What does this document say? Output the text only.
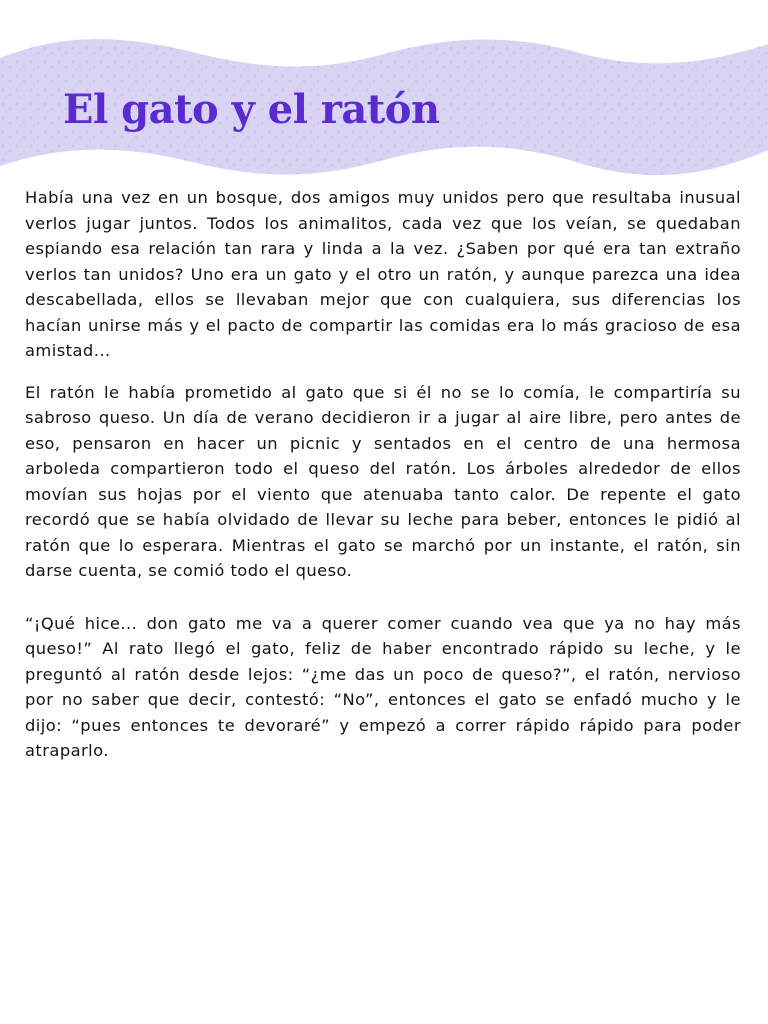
El gato y el ratón

Había una vez en un bosque, dos amigos muy unidos pero que resultaba inusual verlos jugar juntos. Todos los animalitos, cada vez que los veían, se quedaban espiando esa relación tan rara y linda a la vez. ¿Saben por qué era tan extraño verlos tan unidos? Uno era un gato y el otro un ratón, y aunque parezca una idea descabellada, ellos se llevaban mejor que con cualquiera, sus diferencias los hacían unirse más y el pacto de compartir las comidas era lo más gracioso de esa amistad...

El ratón le había prometido al gato que si él no se lo comía, le compartiría su sabroso queso. Un día de verano decidieron ir a jugar al aire libre, pero antes de eso, pensaron en hacer un picnic y sentados en el centro de una hermosa arboleda compartieron todo el queso del ratón. Los árboles alrededor de ellos movían sus hojas por el viento que atenuaba tanto calor. De repente el gato recordó que se había olvidado de llevar su leche para beber, entonces le pidió al ratón que lo esperara. Mientras el gato se marchó por un instante, el ratón, sin darse cuenta, se comió todo el queso.

“¡Qué hice... don gato me va a querer comer cuando vea que ya no hay más queso!” Al rato llegó el gato, feliz de haber encontrado rápido su leche, y le preguntó al ratón desde lejos: “¿me das un poco de queso?”, el ratón, nervioso por no saber que decir, contestó: “No”, entonces el gato se enfadó mucho y le dijo: “pues entonces te devoraré” y empezó a correr rápido rápido para poder atraparlo.
